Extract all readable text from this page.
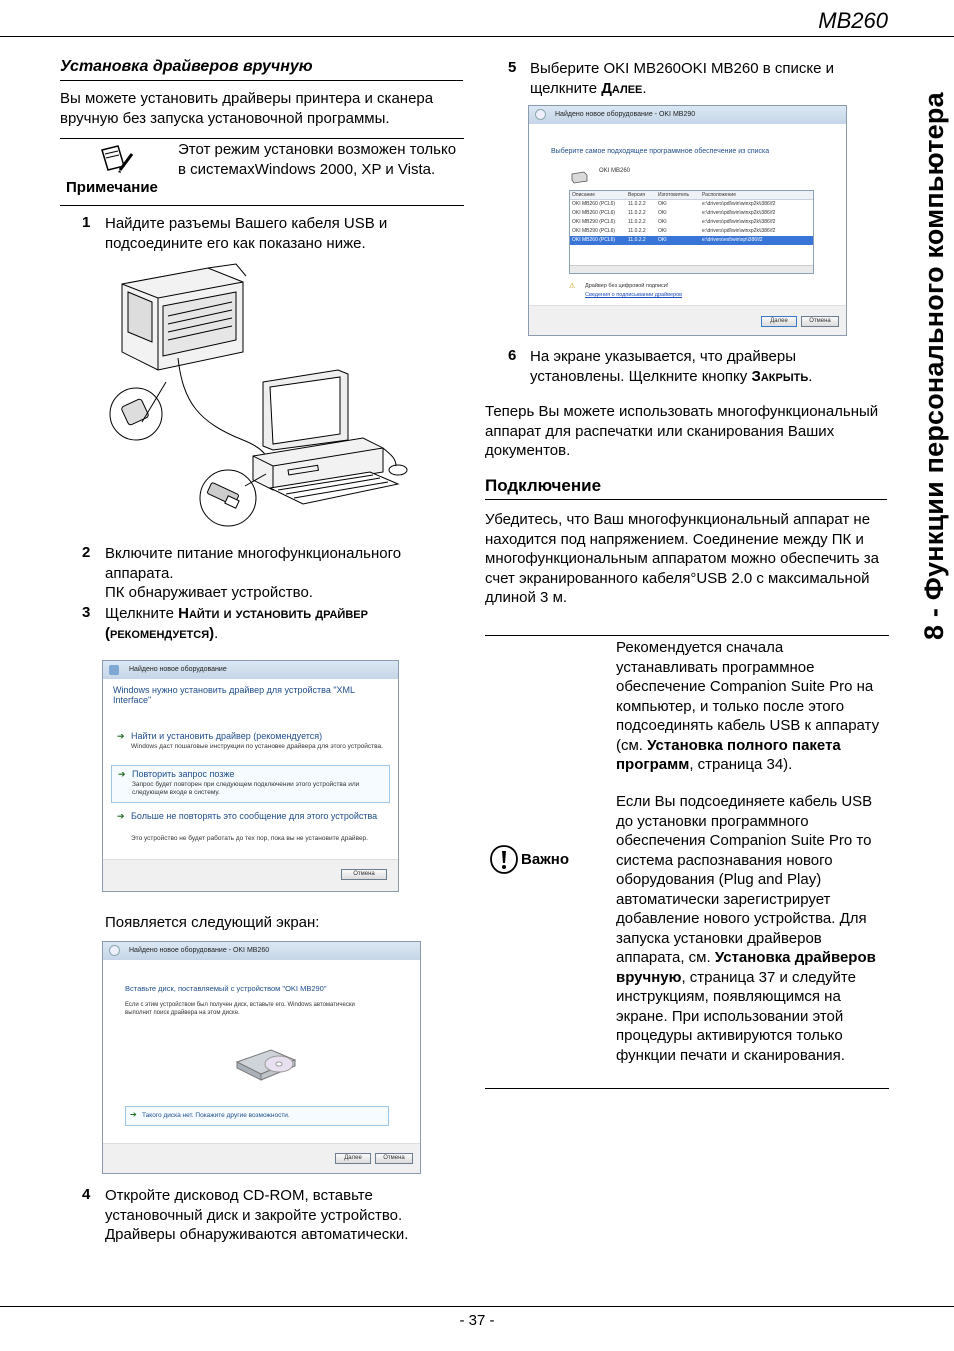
MB260
8 - Функции персонального компьютера
Установка драйверов вручную
Вы можете установить драйверы принтера и сканера вручную без запуска установочной программы.
Примечание
Этот режим установки возможен только в системахWindows 2000, XP и Vista.
1 Найдите разъемы Вашего кабеля USB и подсоедините его как показано ниже.
2 Включите питание многофункционального аппарата.
ПК обнаруживает устройство.
3 Щелкните Найти и установить драйвер (рекомендуется).
Найдено новое оборудование
Windows нужно установить драйвер для устройства "XML Interface"
➔ Найти и установить драйвер (рекомендуется)
Windows даст пошаговые инструкции по установке драйвера для этого устройства.
➔ Повторить запрос позже
Запрос будет повторен при следующем подключении этого устройства или следующем входе в систему.
➔ Больше не повторять это сообщение для этого устройства
Это устройство не будет работать до тех пор, пока вы не установите драйвер.
Отмена
Появляется следующий экран:
Найдено новое оборудование - OKI MB260
Вставьте диск, поставляемый с устройством "OKI MB290"
Если с этим устройством был получен диск, вставьте его. Windows автоматически выполнит поиск драйвера на этом диске.
➔ Такого диска нет. Покажите другие возможности.
Далее	Отмена
4 Откройте дисковод CD-ROM, вставьте установочный диск и закройте устройство. Драйверы обнаруживаются автоматически.
5 Выберите OKI MB260OKI MB260 в списке и щелкните Далее.
Найдено новое оборудование - OKI MB290
Выберите самое подходящее программное обеспечение из списка
OKI MB260
Описание	Версия	Изготовитель	Расположение
OKI MB260 (PCL6)	11.0.2.2	OKI	e:\drivers\pdl\win\winxp2k\i386\f2
OKI MB260 (PCL6)	11.0.2.2	OKI	e:\drivers\pdl\win\winxp2k\i386\f2
OKI MB290 (PCL6)	11.0.2.2	OKI	e:\drivers\pdl\win\winxp2k\i386\f2
OKI MB290 (PCL6)	11.0.2.2	OKI	e:\drivers\pdl\win\winxp2k\i386\f2
OKI MB260 (PCL6)	11.0.2.2	OKI	e:\drivers\ext\win\xp\i386\f2
⚠ Драйвер без цифровой подписи!
Сведения о подписывании драйверов
Далее	Отмена
6 На экране указывается, что драйверы установлены. Щелкните кнопку Закрыть.
Теперь Вы можете использовать многофункциональный аппарат для распечатки или сканирования Ваших документов.
Подключение
Убедитесь, что Ваш многофункциональный аппарат не находится под напряжением. Соединение между ПК и многофункциональным аппаратом можно обеспечить за счет экранированного кабеля°USB 2.0 с максимальной длиной 3 м.
Важно
Рекомендуется сначала устанавливать программное обеспечение Companion Suite Pro на компьютер, и только после этого подсоединять кабель USB к аппарату (см. Установка полного пакета программ, страница 34).
Если Вы подсоединяете кабель USB до установки программного обеспечения Companion Suite Pro то система распознавания нового оборудования (Plug and Play) автоматически зарегистрирует добавление нового устройства. Для запуска установки драйверов аппарата, см. Установка драйверов вручную, страница 37 и следуйте инструкциям, появляющимся на экране. При использовании этой процедуры активируются только функции печати и сканирования.
- 37 -
